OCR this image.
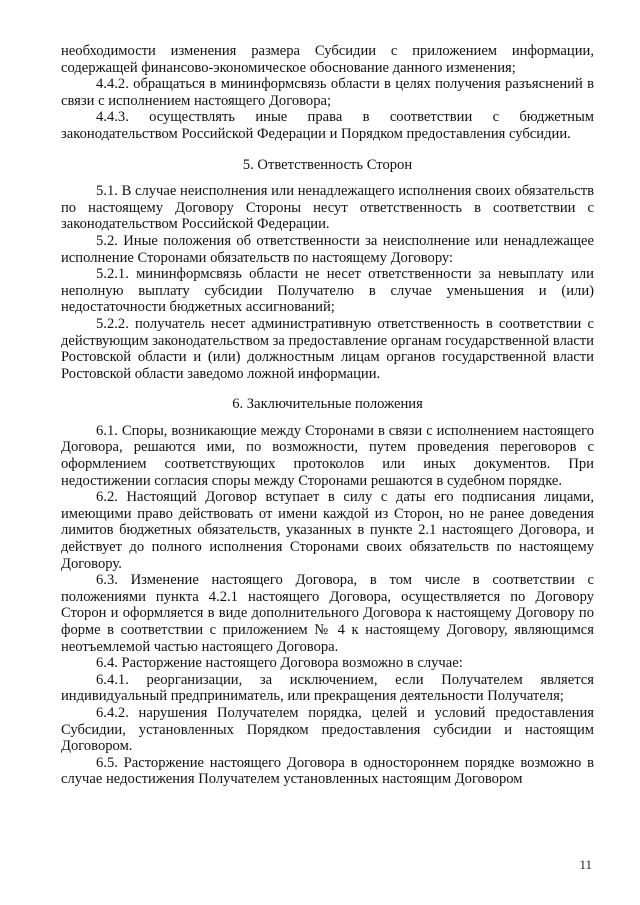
необходимости изменения размера Субсидии с приложением информации, содержащей финансово-экономическое обоснование данного изменения;

4.4.2. обращаться в мининформсвязь области в целях получения разъяснений в связи с исполнением настоящего Договора;

4.4.3. осуществлять иные права в соответствии с бюджетным законодательством Российской Федерации и Порядком предоставления субсидии.

5. Ответственность Сторон

5.1. В случае неисполнения или ненадлежащего исполнения своих обязательств по настоящему Договору Стороны несут ответственность в соответствии с законодательством Российской Федерации.

5.2. Иные положения об ответственности за неисполнение или ненадлежащее исполнение Сторонами обязательств по настоящему Договору:

5.2.1. мининформсвязь области не несет ответственности за невыплату или неполную выплату субсидии Получателю в случае уменьшения и (или) недостаточности бюджетных ассигнований;

5.2.2. получатель несет административную ответственность в соответствии с действующим законодательством за предоставление органам государственной власти Ростовской области и (или) должностным лицам органов государственной власти Ростовской области заведомо ложной информации.

6. Заключительные положения

6.1. Споры, возникающие между Сторонами в связи с исполнением настоящего Договора, решаются ими, по возможности, путем проведения переговоров с оформлением соответствующих протоколов или иных документов. При недостижении согласия споры между Сторонами решаются в судебном порядке.

6.2. Настоящий Договор вступает в силу с даты его подписания лицами, имеющими право действовать от имени каждой из Сторон, но не ранее доведения лимитов бюджетных обязательств, указанных в пункте 2.1 настоящего Договора, и действует до полного исполнения Сторонами своих обязательств по настоящему Договору.

6.3. Изменение настоящего Договора, в том числе в соответствии с положениями пункта 4.2.1 настоящего Договора, осуществляется по Договору Сторон и оформляется в виде дополнительного Договора к настоящему Договору по форме в соответствии с приложением № 4 к настоящему Договору, являющимся неотъемлемой частью настоящего Договора.

6.4. Расторжение настоящего Договора возможно в случае:

6.4.1. реорганизации, за исключением, если Получателем является индивидуальный предприниматель, или прекращения деятельности Получателя;

6.4.2. нарушения Получателем порядка, целей и условий предоставления Субсидии, установленных Порядком предоставления субсидии и настоящим Договором.

6.5. Расторжение настоящего Договора в одностороннем порядке возможно в случае недостижения Получателем установленных настоящим Договором

11
